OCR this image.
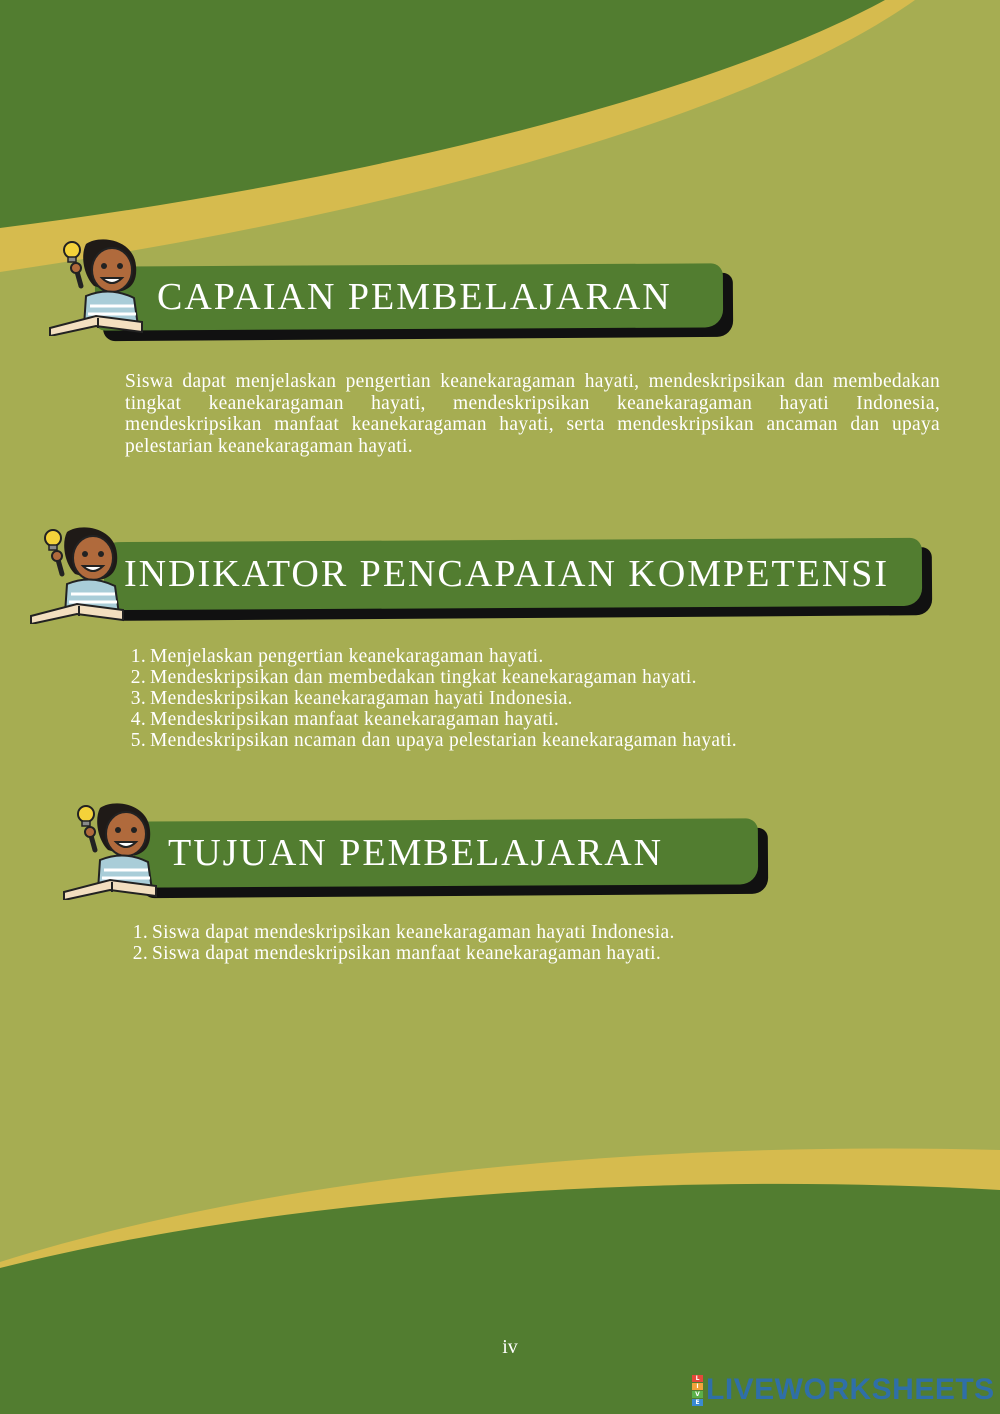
CAPAIAN PEMBELAJARAN
Siswa dapat menjelaskan pengertian keanekaragaman hayati, mendeskripsikan dan membedakan tingkat keanekaragaman hayati, mendeskripsikan keanekaragaman hayati Indonesia, mendeskripsikan manfaat keanekaragaman hayati, serta mendeskripsikan ancaman dan upaya pelestarian keanekaragaman hayati.
INDIKATOR PENCAPAIAN KOMPETENSI
1. Menjelaskan pengertian keanekaragaman hayati.
2. Mendeskripsikan dan membedakan tingkat keanekaragaman hayati.
3. Mendeskripsikan keanekaragaman hayati Indonesia.
4. Mendeskripsikan manfaat keanekaragaman hayati.
5. Mendeskripsikan ncaman dan upaya pelestarian keanekaragaman hayati.
TUJUAN PEMBELAJARAN
1. Siswa dapat mendeskripsikan keanekaragaman hayati Indonesia.
2. Siswa dapat mendeskripsikan manfaat keanekaragaman hayati.
iv
L
I
V
E LIVEWORKSHEETS
